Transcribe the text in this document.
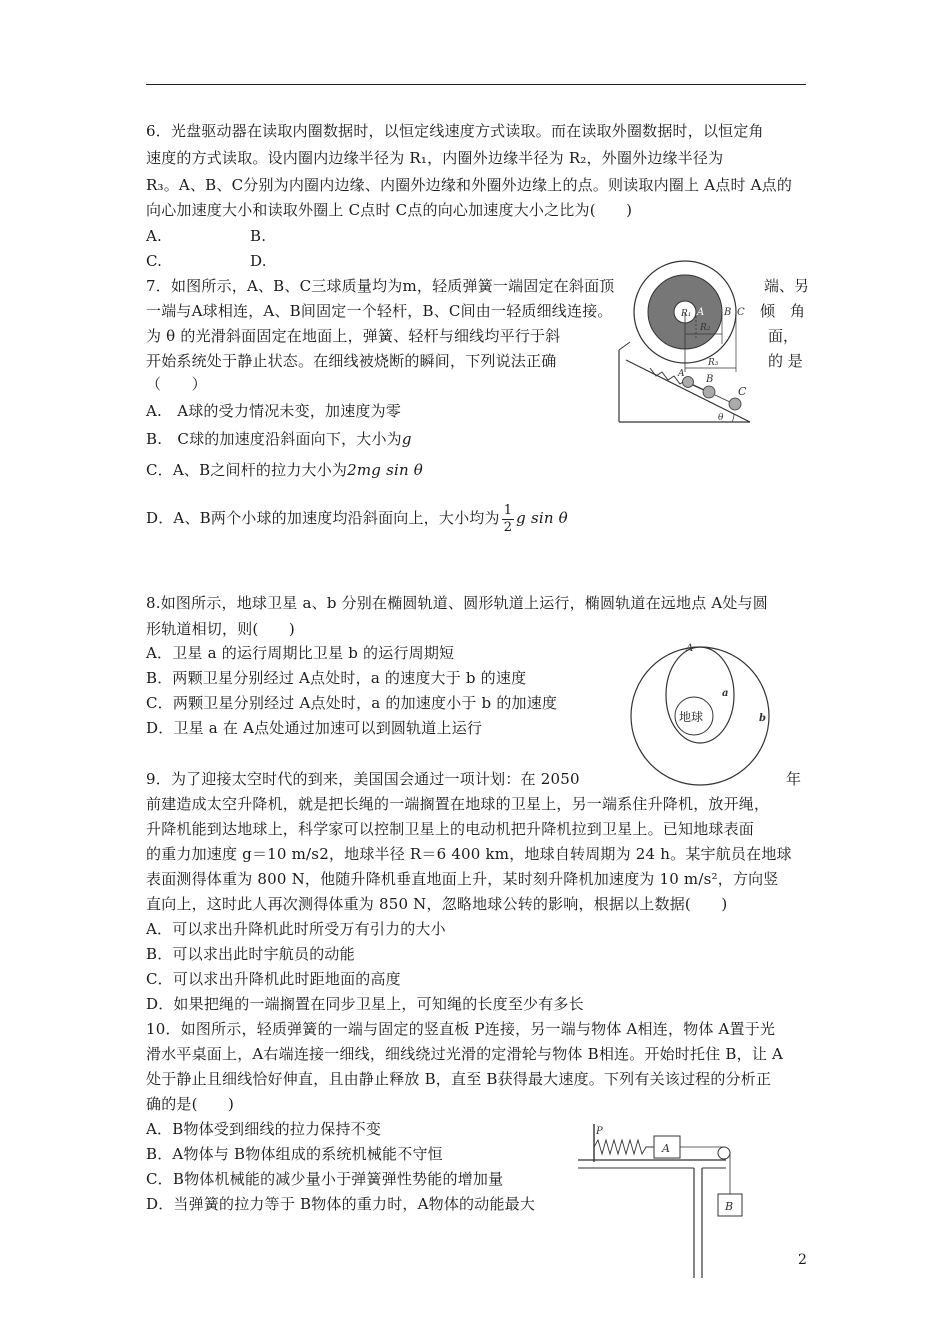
6．光盘驱动器在读取内圈数据时，以恒定线速度方式读取。而在读取外圈数据时，以恒定角
速度的方式读取。设内圈内边缘半径为 R₁，内圈外边缘半径为 R₂，外圈外边缘半径为
R₃。A、B、C分别为内圈内边缘、内圈外边缘和外圈外边缘上的点。则读取内圈上 A点时 A点的
向心加速度大小和读取外圈上 C点时 C点的向心加速度大小之比为(　　)
A.	B.
C.	D.
7．如图所示，A、B、C三球质量均为m，轻质弹簧一端固定在斜面顶	端、另
一端与A球相连，A、B间固定一个轻杆，B、C间由一轻质细线连接。	倾　角
为 θ 的光滑斜面固定在地面上，弹簧、轻杆与细线均平行于斜	面，
开始系统处于静止状态。在细线被烧断的瞬间，下列说法正确	的 是
（　　）
A.　A球的受力情况未变，加速度为零
B.　C球的加速度沿斜面向下，大小为g
C．A、B之间杆的拉力大小为2mg sin θ
D．A、B两个小球的加速度均沿斜面向上，大小均为 $\frac{1}{2}$ g sin θ
8.如图所示，地球卫星 a、b 分别在椭圆轨道、圆形轨道上运行，椭圆轨道在远地点 A处与圆
形轨道相切，则(　　)
A．卫星 a 的运行周期比卫星 b 的运行周期短
B．两颗卫星分别经过 A点处时，a 的速度大于 b 的速度
C．两颗卫星分别经过 A点处时，a 的加速度小于 b 的加速度
D．卫星 a 在 A点处通过加速可以到圆轨道上运行
9．为了迎接太空时代的到来，美国国会通过一项计划：在 2050	年
前建造成太空升降机，就是把长绳的一端搁置在地球的卫星上，另一端系住升降机，放开绳，
升降机能到达地球上，科学家可以控制卫星上的电动机把升降机拉到卫星上。已知地球表面
的重力加速度 g＝10 m/s2，地球半径 R＝6 400 km，地球自转周期为 24 h。某宇航员在地球
表面测得体重为 800 N，他随升降机垂直地面上升，某时刻升降机加速度为 10 m/s²，方向竖
直向上，这时此人再次测得体重为 850 N，忽略地球公转的影响，根据以上数据(　　)
A．可以求出升降机此时所受万有引力的大小
B．可以求出此时宇航员的动能
C．可以求出升降机此时距地面的高度
D．如果把绳的一端搁置在同步卫星上，可知绳的长度至少有多长
10．如图所示，轻质弹簧的一端与固定的竖直板 P连接，另一端与物体 A相连，物体 A置于光
滑水平桌面上，A右端连接一细线，细线绕过光滑的定滑轮与物体 B相连。开始时托住 B，让 A
处于静止且细线恰好伸直，且由静止释放 B，直至 B获得最大速度。下列有关该过程的分析正
确的是(　　)
A．B物体受到细线的拉力保持不变
B．A物体与 B物体组成的系统机械能不守恒
C．B物体机械能的减少量小于弹簧弹性势能的增加量
D．当弹簧的拉力等于 B物体的重力时，A物体的动能最大
R₁ A B C
R₂
R₃
A B
C
θ
地球
A
a
b
P
A
B
2
